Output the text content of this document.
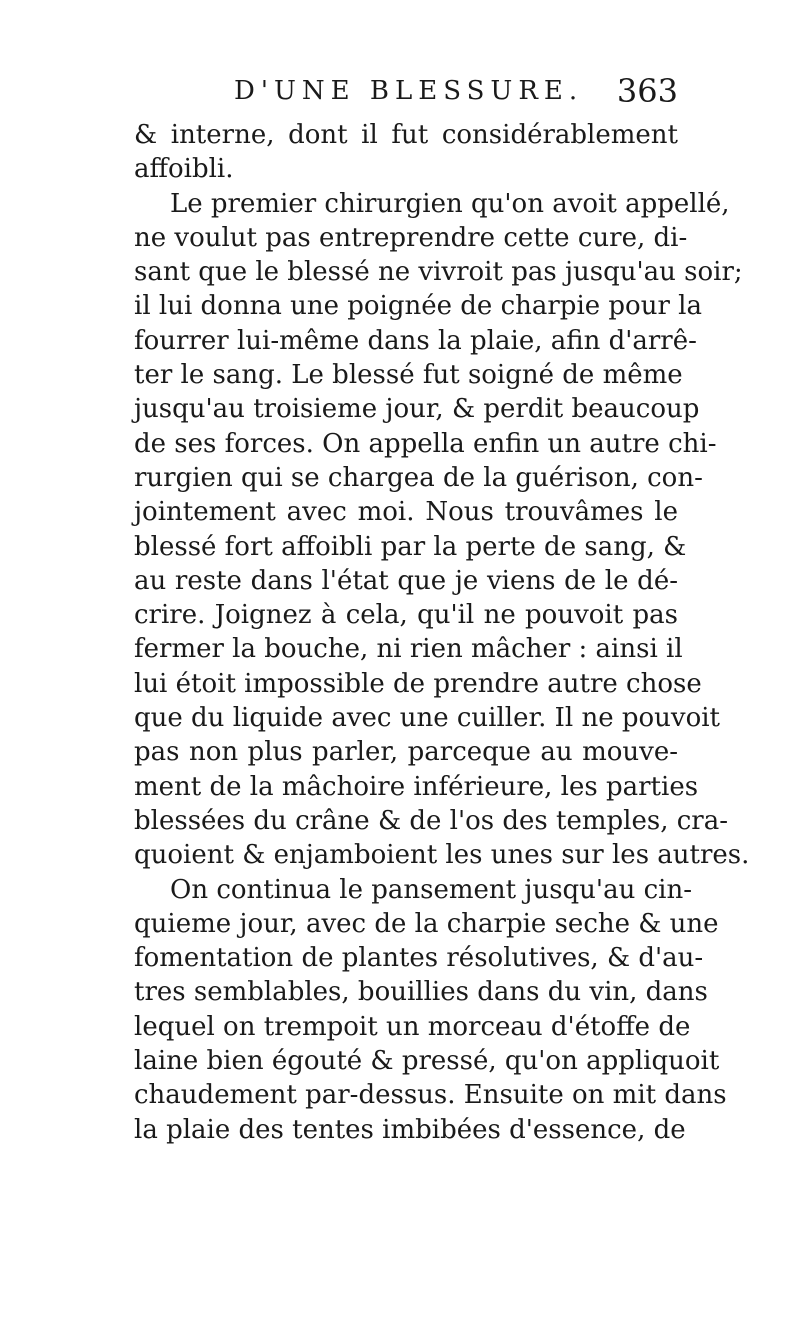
D'UNE BLESSURE. 363
& interne, dont il fut considérablement
affoibli.
Le premier chirurgien qu'on avoit appellé,
ne voulut pas entreprendre cette cure, di-
sant que le blessé ne vivroit pas jusqu'au soir;
il lui donna une poignée de charpie pour la
fourrer lui-même dans la plaie, afin d'arrê-
ter le sang. Le blessé fut soigné de même
jusqu'au troisieme jour, & perdit beaucoup
de ses forces. On appella enfin un autre chi-
rurgien qui se chargea de la guérison, con-
jointement avec moi. Nous trouvâmes le
blessé fort affoibli par la perte de sang, &
au reste dans l'état que je viens de le dé-
crire. Joignez à cela, qu'il ne pouvoit pas
fermer la bouche, ni rien mâcher : ainsi il
lui étoit impossible de prendre autre chose
que du liquide avec une cuiller. Il ne pouvoit
pas non plus parler, parceque au mouve-
ment de la mâchoire inférieure, les parties
blessées du crâne & de l'os des temples, cra-
quoient & enjamboient les unes sur les autres.
On continua le pansement jusqu'au cin-
quieme jour, avec de la charpie seche & une
fomentation de plantes résolutives, & d'au-
tres semblables, bouillies dans du vin, dans
lequel on trempoit un morceau d'étoffe de
laine bien égouté & pressé, qu'on appliquoit
chaudement par-dessus. Ensuite on mit dans
la plaie des tentes imbibées d'essence, de
